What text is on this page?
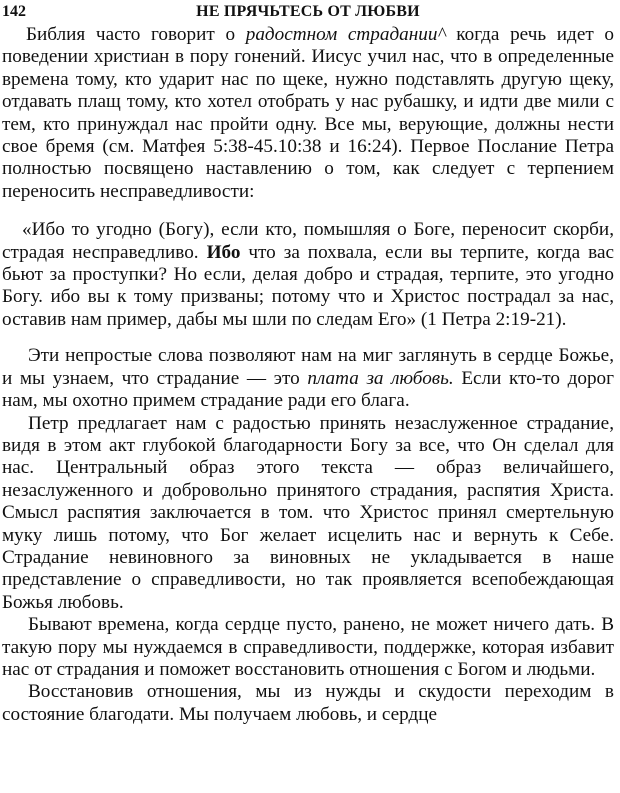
142	НЕ ПРЯЧЬТЕСЬ ОТ ЛЮБВИ

Библия часто говорит о радостном страдании^ когда речь идет о поведении христиан в пору гонений. Иисус учил нас, что в определенные времена тому, кто ударит нас по щеке, нужно подставлять другую щеку, отдавать плащ тому, кто хотел отобрать у нас рубашку, и идти две мили с тем, кто принуждал нас пройти одну. Все мы, верующие, должны нести свое бремя (см. Матфея 5:38-45.10:38 и 16:24). Первое Послание Петра полностью посвящено наставлению о том, как следует с терпением переносить несправедливости:

«Ибо то угодно (Богу), если кто, помышляя о Боге, переносит скорби, страдая несправедливо. Ибо что за похвала, если вы терпите, когда вас бьют за проступки? Но если, делая добро и страдая, терпите, это угодно Богу. ибо вы к тому призваны; потому что и Христос пострадал за нас, оставив нам пример, дабы мы шли по следам Его» (1 Петра 2:19-21).

Эти непростые слова позволяют нам на миг заглянуть в сердце Божье, и мы узнаем, что страдание — это плата за любовь. Если кто-то дорог нам, мы охотно примем страдание ради его блага.

Петр предлагает нам с радостью принять незаслуженное страдание, видя в этом акт глубокой благодарности Богу за все, что Он сделал для нас. Центральный образ этого текста — образ величайшего, незаслуженного и добровольно принятого страдания, распятия Христа. Смысл распятия заключается в том. что Христос принял смертельную муку лишь потому, что Бог желает исцелить нас и вернуть к Себе. Страдание невиновного за виновных не укладывается в наше представление о справедливости, но так проявляется всепобеждающая Божья любовь.

Бывают времена, когда сердце пусто, ранено, не может ничего дать. В такую пору мы нуждаемся в справедливости, поддержке, которая избавит нас от страдания и поможет восстановить отношения с Богом и людьми.

Восстановив отношения, мы из нужды и скудости переходим в состояние благодати. Мы получаем любовь, и сердце
